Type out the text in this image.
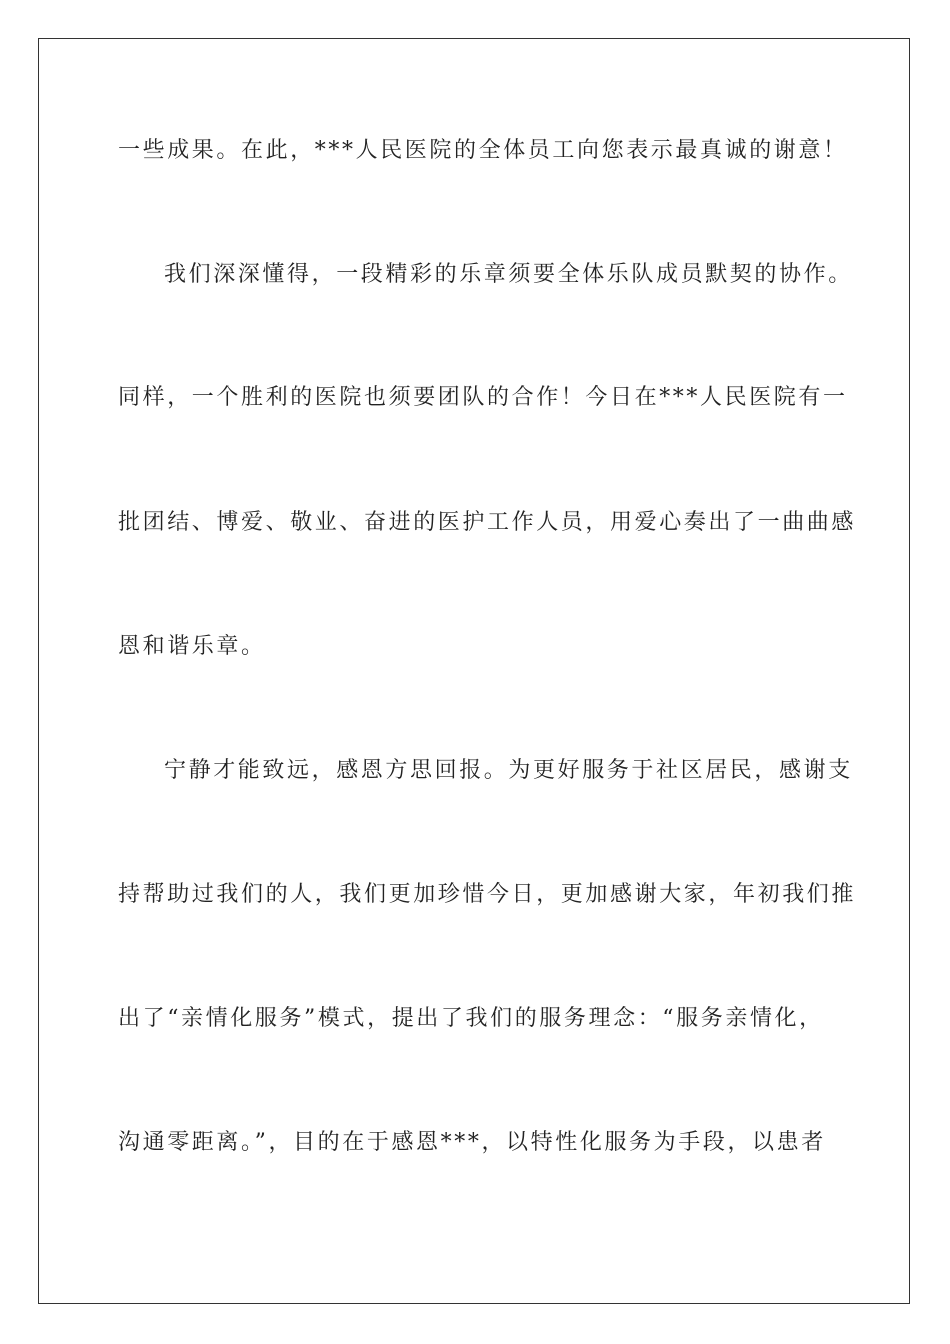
一些成果。在此，***人民医院的全体员工向您表示最真诚的谢意！
我们深深懂得，一段精彩的乐章须要全体乐队成员默契的协作。
同样，一个胜利的医院也须要团队的合作！今日在***人民医院有一
批团结、博爱、敬业、奋进的医护工作人员，用爱心奏出了一曲曲感
恩和谐乐章。
宁静才能致远，感恩方思回报。为更好服务于社区居民，感谢支
持帮助过我们的人，我们更加珍惜今日，更加感谢大家，年初我们推
出了“亲情化服务”模式，提出了我们的服务理念：“服务亲情化，
沟通零距离。”，目的在于感恩***，以特性化服务为手段，以患者
